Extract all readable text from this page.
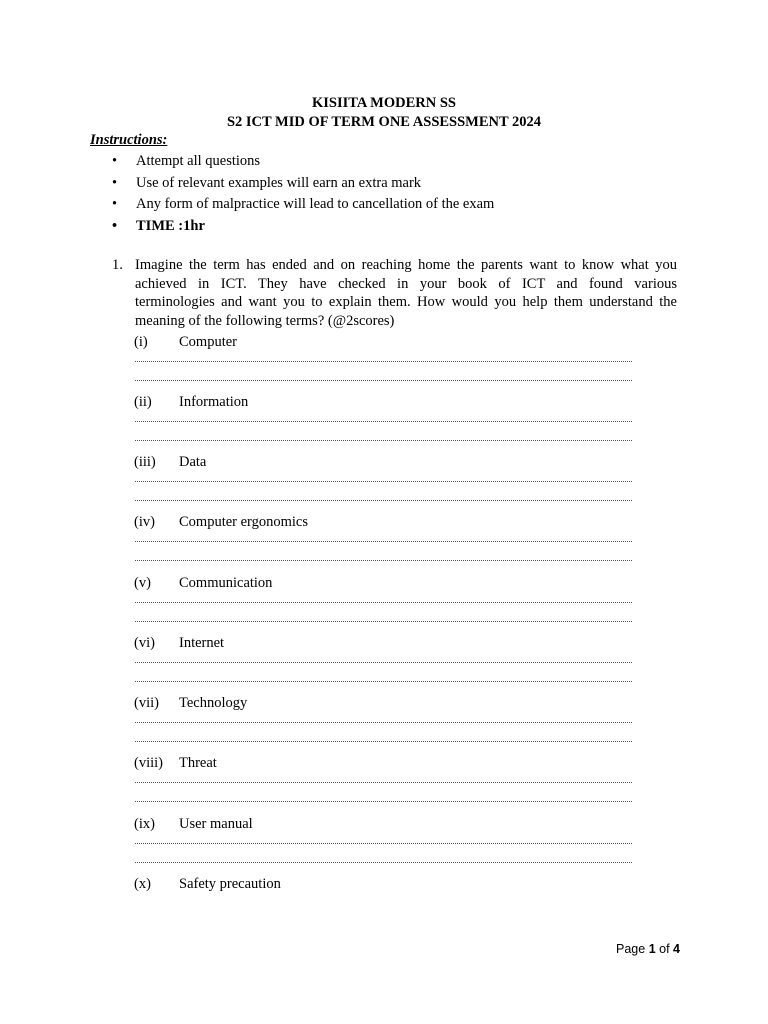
KISIITA MODERN SS
S2 ICT MID OF TERM ONE ASSESSMENT 2024
Instructions:
• Attempt all questions
• Use of relevant examples will earn an extra mark
• Any form of malpractice will lead to cancellation of the exam
• TIME :1hr
1. Imagine the term has ended and on reaching home the parents want to know what you
achieved in ICT. They have checked in your book of ICT and found various
terminologies and want you to explain them. How would you help them understand the
meaning of the following terms? (@2scores)
(i) Computer
(ii) Information
(iii) Data
(iv) Computer ergonomics
(v) Communication
(vi) Internet
(vii) Technology
(viii) Threat
(ix) User manual
(x) Safety precaution
Page 1 of 4
